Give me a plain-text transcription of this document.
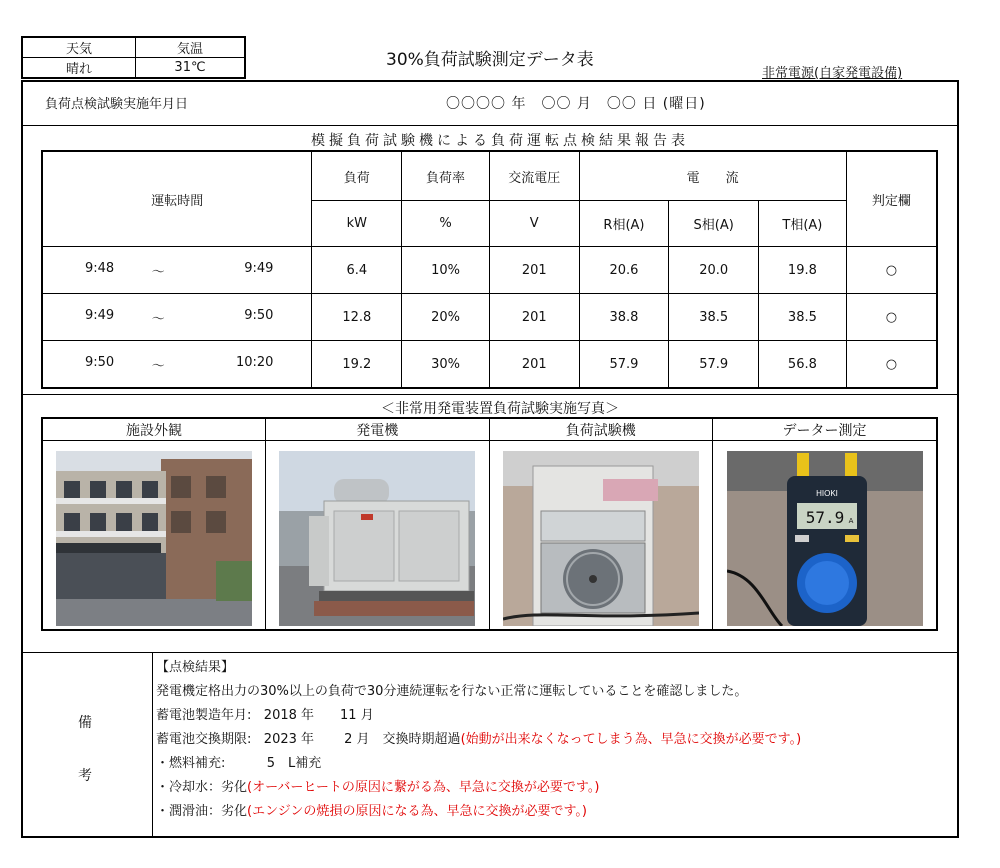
天気	気温
晴れ	31℃	30%負荷試験測定データ表
非常電源(自家発電設備)
負荷点検試験実施年月日	〇〇〇〇 年　〇〇 月　〇〇 日 (曜日)
模擬負荷試験機による負荷運転点検結果報告表
運転時間	負荷	負荷率	交流電圧	電　　流			判定欄
	kW	%	V	R相(A)	S相(A)	T相(A)	

9:48 ～ 9:49	6.4	10%	201	20.6	20.0	19.8	○

9:49 ～ 9:50	12.8	20%	201	38.8	38.5	38.5	○

9:50 ～ 10:20	19.2	30%	201	57.9	57.9	56.8	○
＜非常用発電装置負荷試験実施写真＞
施設外観	発電機	負荷試験機	データー測定

HIOKI
57.9 A
備
考
【点検結果】
発電機定格出力の30%以上の負荷で30分連続運転を行ない正常に運転していることを確認しました。
蓄電池製造年月: 2018 年　　11 月
蓄電池交換期限: 2023 年　　 2 月　交換時期超過(始動が出来なくなってしまう為、早急に交換が必要です。)
・燃料補充:	5　L補充
・冷却水：劣化(オーバーヒートの原因に繋がる為、早急に交換が必要です。)
・潤滑油：劣化(エンジンの焼損の原因になる為、早急に交換が必要です。)
